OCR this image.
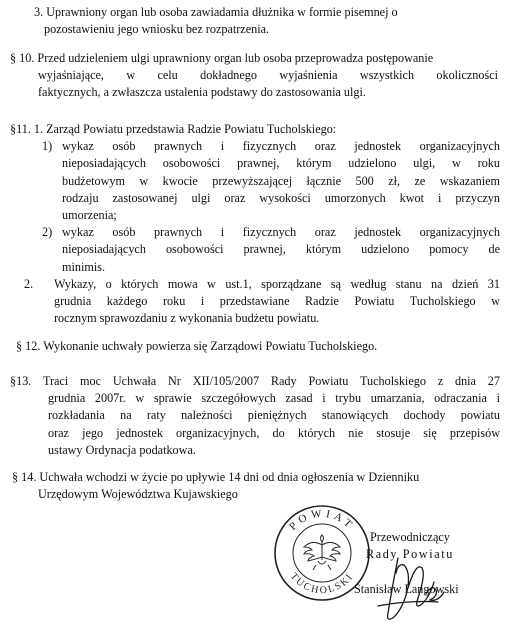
3. Uprawniony organ lub osoba zawiadamia dłużnika w formie pisemnej o

pozostawieniu jego wniosku bez rozpatrzenia.

§ 10. Przed udzieleniem ulgi uprawniony organ lub osoba przeprowadza postępowanie

wyjaśniające, w celu dokładnego wyjaśnienia wszystkich okoliczności

faktycznych, a zwłaszcza ustalenia podstawy do zastosowania ulgi.

§11. 1. Zarząd Powiatu przedstawia Radzie Powiatu Tucholskiego:

1) wykaz osób prawnych i fizycznych oraz jednostek organizacyjnych

nieposiadających osobowości prawnej, którym udzielono ulgi, w roku

budżetowym w kwocie przewyższającej łącznie 500 zł, ze wskazaniem

rodzaju zastosowanej ulgi oraz wysokości umorzonych kwot i przyczyn

umorzenia;

2) wykaz osób prawnych i fizycznych oraz jednostek organizacyjnych

nieposiadających osobowości prawnej, którym udzielono pomocy de

minimis.

2.	Wykazy, o których mowa w ust.1, sporządzane są według stanu na dzień 31

grudnia każdego roku i przedstawiane Radzie Powiatu Tucholskiego w

rocznym sprawozdaniu z wykonania budżetu powiatu.

§ 12. Wykonanie uchwały powierza się Zarządowi Powiatu Tucholskiego.

§13. Traci moc Uchwała Nr XII/105/2007 Rady Powiatu Tucholskiego z dnia 27

grudnia 2007r. w sprawie szczegółowych zasad i trybu umarzania, odraczania i

rozkładania na raty należności pieniężnych stanowiących dochody powiatu

oraz jego jednostek organizacyjnych, do których nie stosuje się przepisów

ustawy Ordynacja podatkowa.

§ 14. Uchwała wchodzi w życie po upływie 14 dni od dnia ogłoszenia w Dzienniku

Urzędowym Województwa Kujawskiego

POWIAT
TUCHOLSKI
Przewodniczący
Rady Powiatu
Stanisław Langowski
